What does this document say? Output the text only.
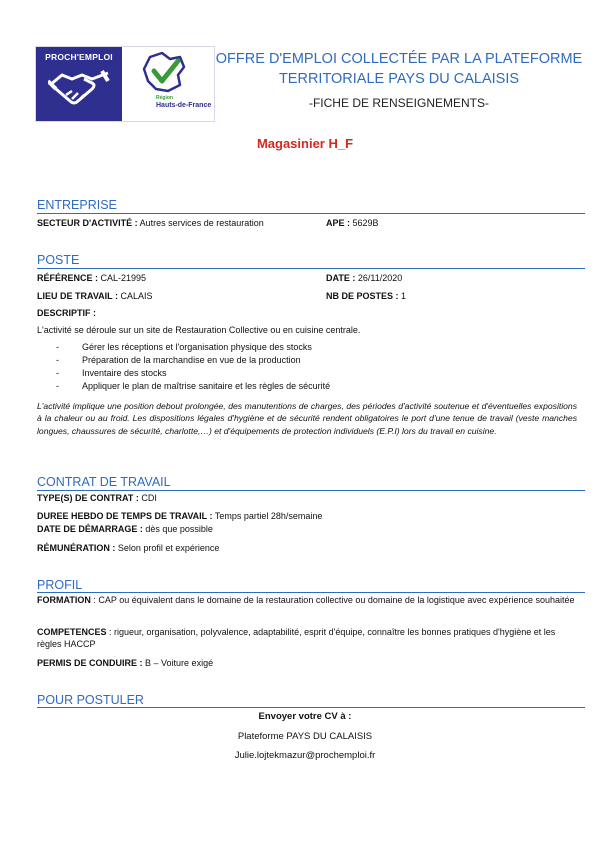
PROCH'EMPLOI
Région
Hauts-de-France
OFFRE D'EMPLOI COLLECTÉE PAR LA PLATEFORME
TERRITORIALE PAYS DU CALAISIS
-FICHE DE RENSEIGNEMENTS-
Magasinier H_F
ENTREPRISE
SECTEUR D'ACTIVITÉ : Autres services de restauration	APE : 5629B
POSTE
RÉFÉRENCE : CAL-21995	DATE : 26/11/2020
LIEU DE TRAVAIL : CALAIS	NB DE POSTES : 1
DESCRIPTIF :
L'activité se déroule sur un site de Restauration Collective ou en cuisine centrale.
-	Gérer les réceptions et l'organisation physique des stocks
-	Préparation de la marchandise en vue de la production
-	Inventaire des stocks
-	Appliquer le plan de maîtrise sanitaire et les règles de sécurité
L'activité implique une position debout prolongée, des manutentions de charges, des périodes d'activité soutenue et d'éventuelles expositions à la chaleur ou au froid. Les dispositions légales d'hygiène et de sécurité rendent obligatoires le port d'une tenue de travail (veste manches longues, chaussures de sécurité, charlotte,…) et d'équipements de protection individuels (E.P.I) lors du travail en cuisine.
CONTRAT DE TRAVAIL
TYPE(S) DE CONTRAT : CDI
DUREE HEBDO DE TEMPS DE TRAVAIL : Temps partiel 28h/semaine
DATE DE DÉMARRAGE : dès que possible
RÉMUNÉRATION : Selon profil et expérience
PROFIL
FORMATION : CAP ou équivalent dans le domaine de la restauration collective ou domaine de la logistique avec expérience souhaitée
COMPETENCES : rigueur, organisation, polyvalence, adaptabilité, esprit d'équipe, connaître les bonnes pratiques d'hygiène et les règles HACCP
PERMIS DE CONDUIRE : B – Voiture exigé
POUR POSTULER
Envoyer votre CV à :
Plateforme PAYS DU CALAISIS
Julie.lojtekmazur@prochemploi.fr
